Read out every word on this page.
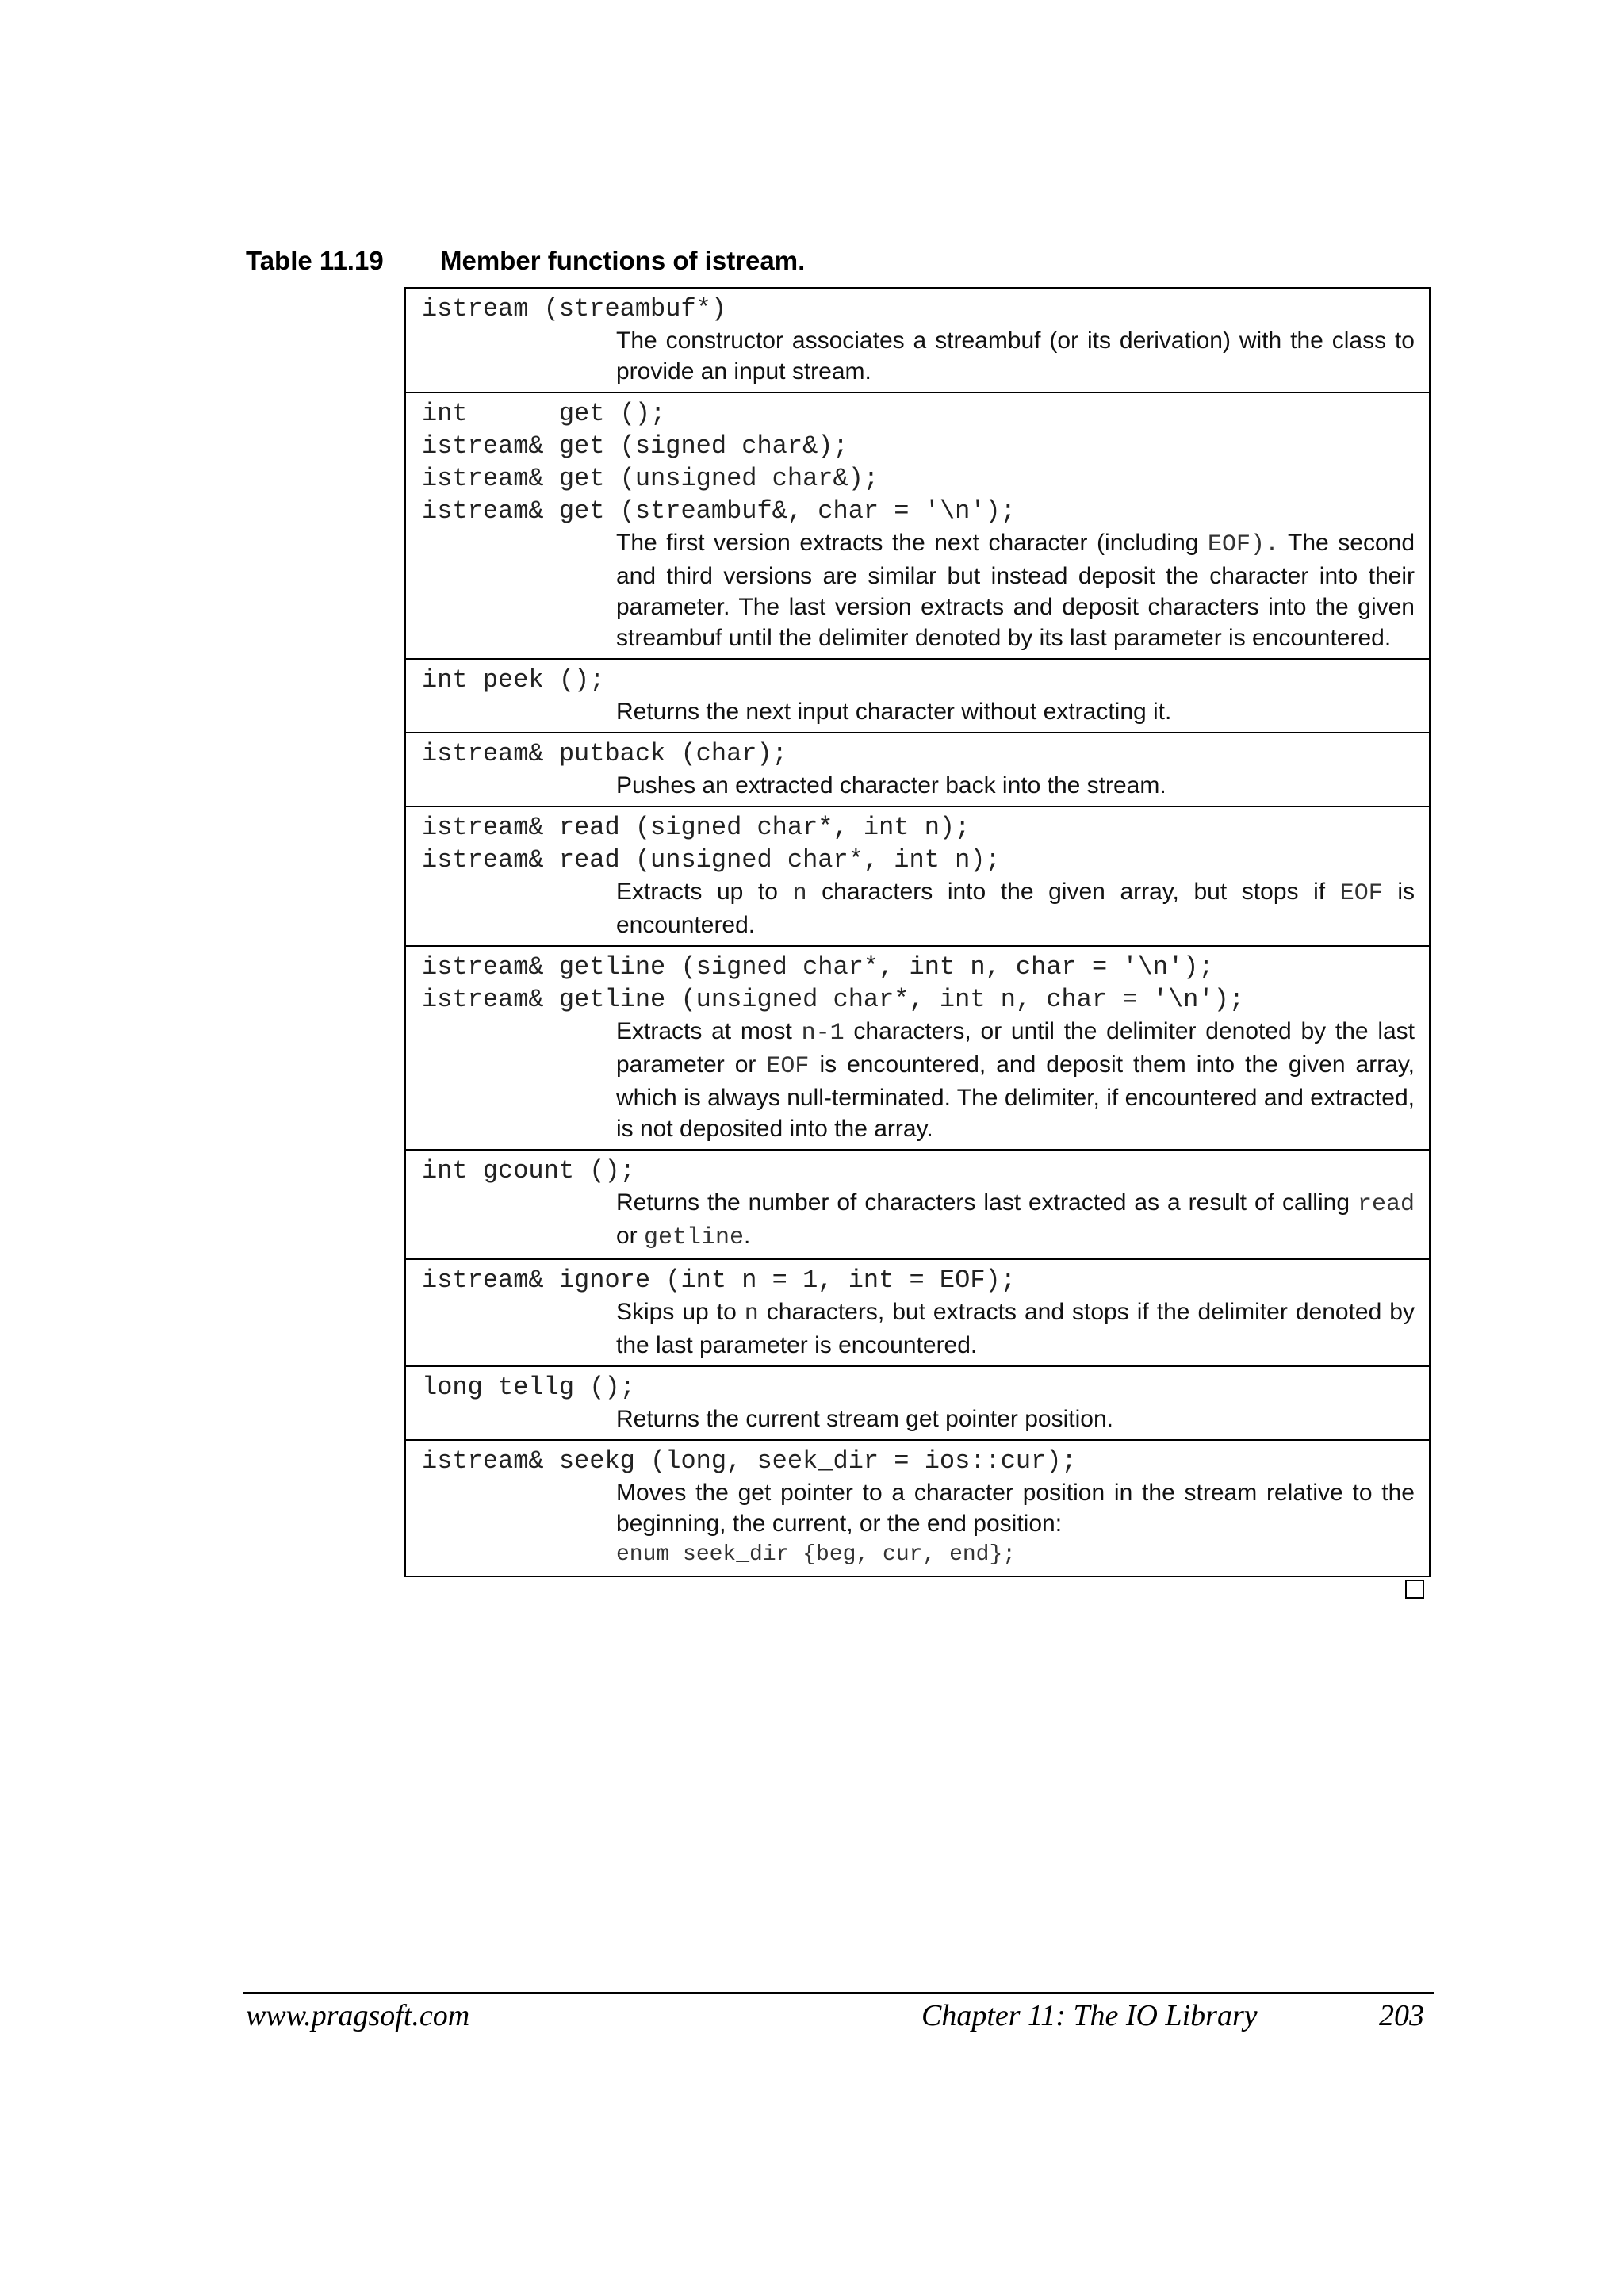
Table 11.19 Member functions of istream.
istream (streambuf*)
The constructor associates a streambuf (or its derivation) with the class to provide an input stream.
int      get ();
istream& get (signed char&);
istream& get (unsigned char&);
istream& get (streambuf&, char = '\n');
The first version extracts the next character (including EOF). The second and third versions are similar but instead deposit the character into their parameter. The last version extracts and deposit characters into the given streambuf until the delimiter denoted by its last parameter is encountered.
int peek ();
Returns the next input character without extracting it.
istream& putback (char);
Pushes an extracted character back into the stream.
istream& read (signed char*, int n);
istream& read (unsigned char*, int n);
Extracts up to n characters into the given array, but stops if EOF is encountered.
istream& getline (signed char*, int n, char = '\n');
istream& getline (unsigned char*, int n, char = '\n');
Extracts at most n-1 characters, or until the delimiter denoted by the last parameter or EOF is encountered, and deposit them into the given array, which is always null-terminated. The delimiter, if encountered and extracted, is not deposited into the array.
int gcount ();
Returns the number of characters last extracted as a result of calling read or getline.
istream& ignore (int n = 1, int = EOF);
Skips up to n characters, but extracts and stops if the delimiter denoted by the last parameter is encountered.
long tellg ();
Returns the current stream get pointer position.
istream& seekg (long, seek_dir = ios::cur);
Moves the get pointer to a character position in the stream relative to the beginning, the current, or the end position:
enum seek_dir {beg, cur, end};
www.pragsoft.com	Chapter 11: The IO Library	203
